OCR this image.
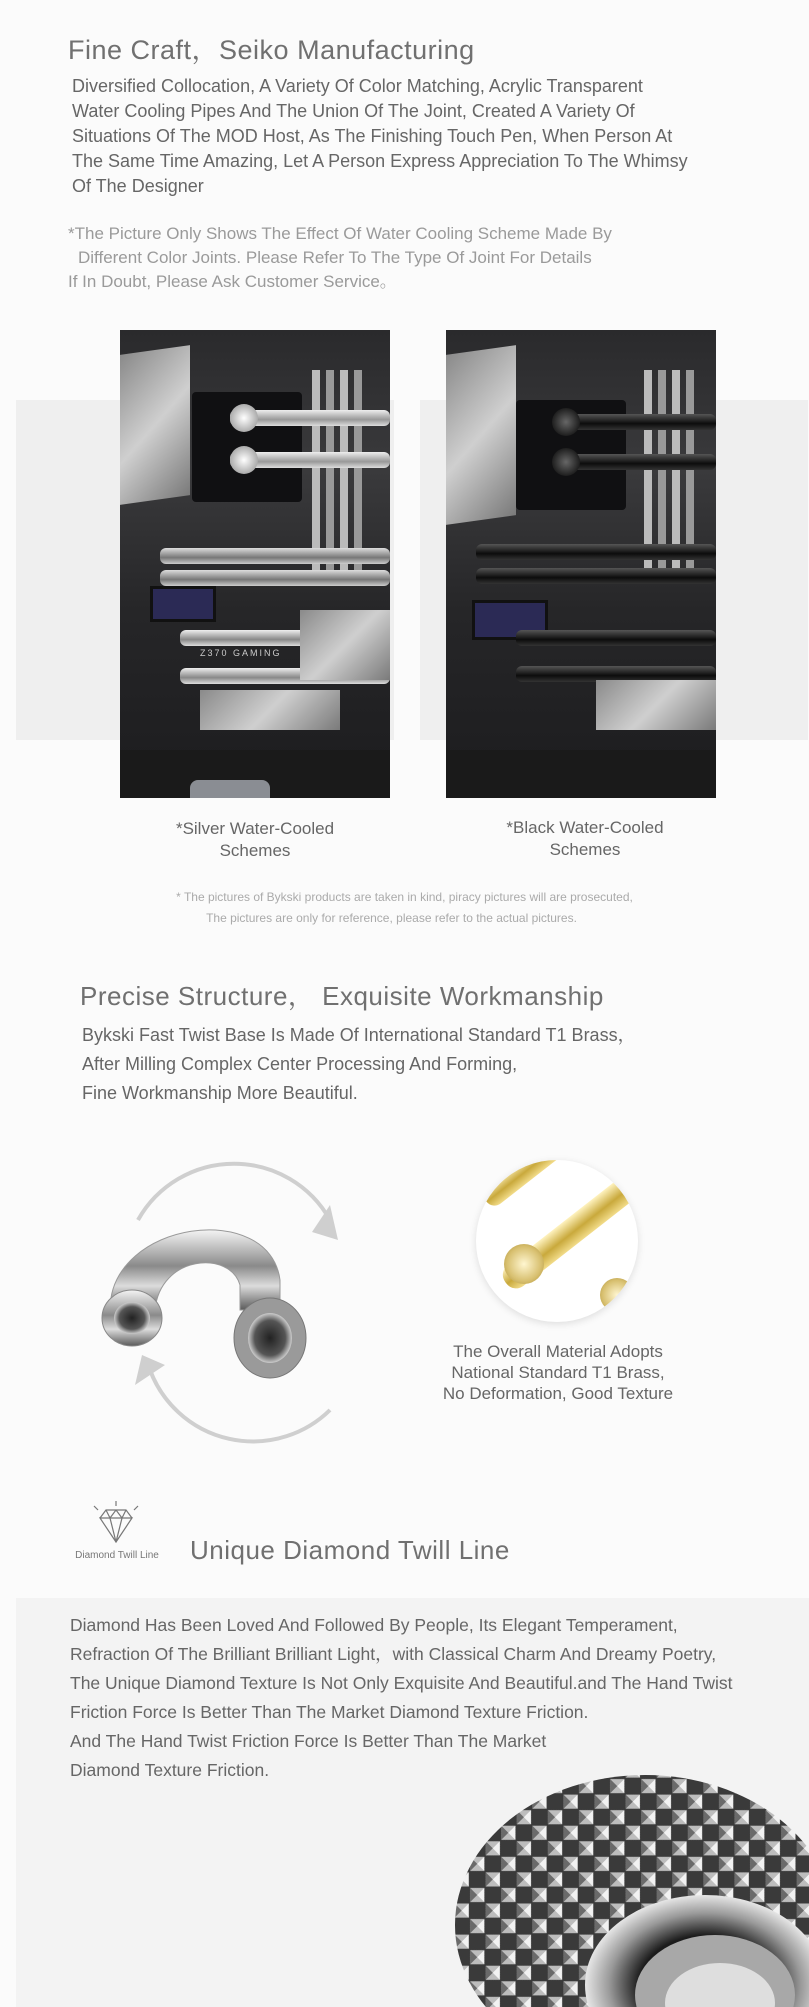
Fine Craft，Seiko Manufacturing
Diversified Collocation, A Variety Of Color Matching, Acrylic Transparent
Water Cooling Pipes And The Union Of The Joint, Created A Variety Of
Situations Of The MOD Host, As The Finishing Touch Pen, When Person At
The Same Time Amazing, Let A Person Express Appreciation To The Whimsy
Of The Designer
*The Picture Only Shows The Effect Of Water Cooling Scheme Made By
Different Color Joints. Please Refer To The Type Of Joint For Details
If In Doubt, Please Ask Customer Service。
Z370 GAMING
*Silver Water-Cooled
Schemes
*Black Water-Cooled
Schemes
* The pictures of Bykski products are taken in kind, piracy pictures will are prosecuted,
The pictures are only for reference, please refer to the actual pictures.
Precise Structure， Exquisite Workmanship
Bykski Fast Twist Base Is Made Of International Standard T1 Brass，
After Milling Complex Center Processing And Forming,
Fine Workmanship More Beautiful.
The Overall Material Adopts
National Standard T1 Brass,
No Deformation, Good Texture
Diamond Twill Line	Unique Diamond Twill Line
Diamond Has Been Loved And Followed By People, Its Elegant Temperament,
Refraction Of The Brilliant Brilliant Light，with Classical Charm And Dreamy Poetry,
The Unique Diamond Texture Is Not Only Exquisite And Beautiful.and The Hand Twist
Friction Force Is Better Than The Market Diamond Texture Friction.
And The Hand Twist Friction Force Is Better Than The Market
Diamond Texture Friction.
